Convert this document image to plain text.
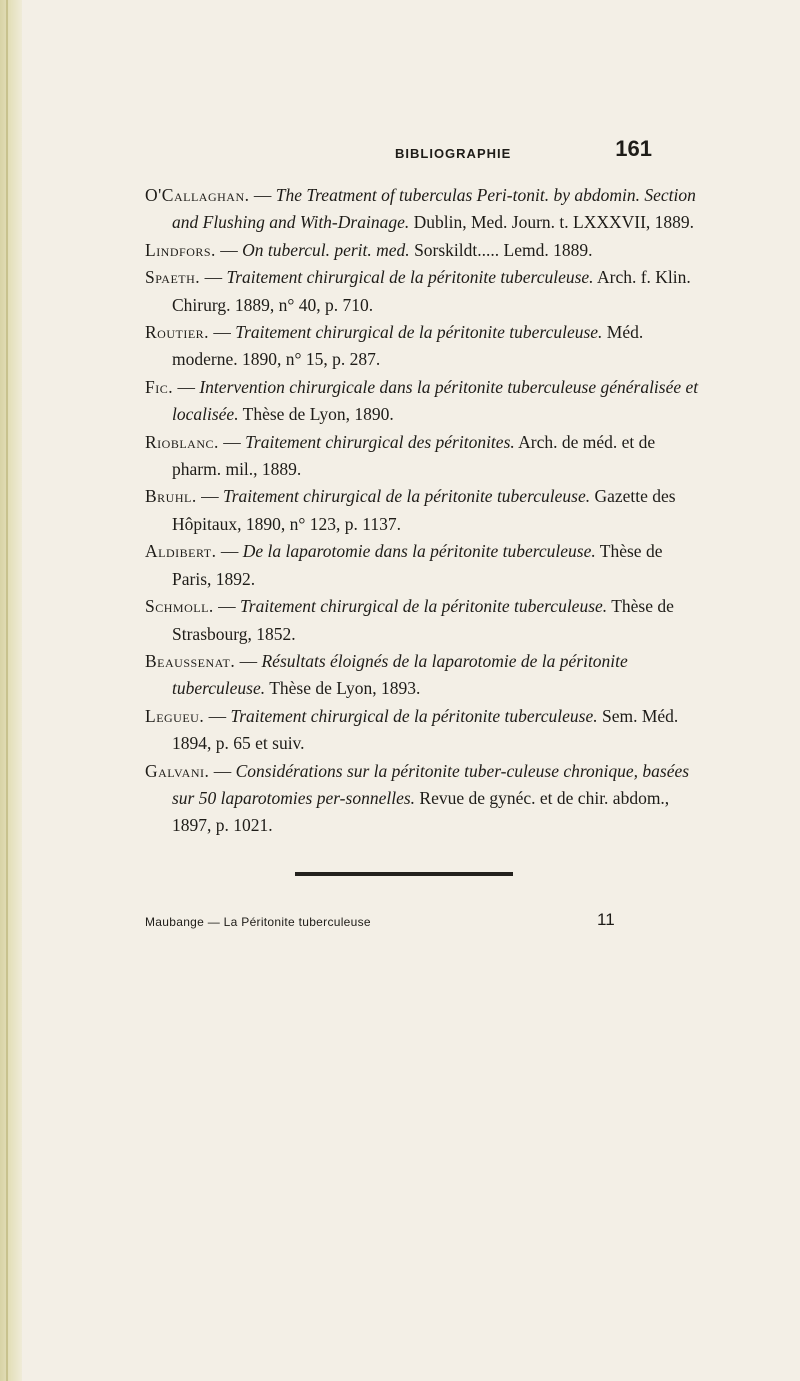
BIBLIOGRAPHIE	161

O'Callaghan. — The Treatment of tuberculas Peri-tonit. by abdomin. Section and Flushing and With-Drainage. Dublin, Med. Journ. t. LXXXVII, 1889.

Lindfors. — On tubercul. perit. med. Sorskildt..... Lemd. 1889.

Spaeth. — Traitement chirurgical de la péritonite tuberculeuse. Arch. f. Klin. Chirurg. 1889, n° 40, p. 710.

Routier. — Traitement chirurgical de la péritonite tuberculeuse. Méd. moderne. 1890, n° 15, p. 287.

Fic. — Intervention chirurgicale dans la péritonite tuberculeuse généralisée et localisée. Thèse de Lyon, 1890.

Rioblanc. — Traitement chirurgical des péritonites. Arch. de méd. et de pharm. mil., 1889.

Bruhl. — Traitement chirurgical de la péritonite tuberculeuse. Gazette des Hôpitaux, 1890, n° 123, p. 1137.

Aldibert. — De la laparotomie dans la péritonite tuberculeuse. Thèse de Paris, 1892.

Schmoll. — Traitement chirurgical de la péritonite tuberculeuse. Thèse de Strasbourg, 1852.

Beaussenat. — Résultats éloignés de la laparotomie de la péritonite tuberculeuse. Thèse de Lyon, 1893.

Legueu. — Traitement chirurgical de la péritonite tuberculeuse. Sem. Méd. 1894, p. 65 et suiv.

Galvani. — Considérations sur la péritonite tuber-culeuse chronique, basées sur 50 laparotomies per-sonnelles. Revue de gynéc. et de chir. abdom., 1897, p. 1021.

Maubange — La Péritonite tuberculeuse	11
